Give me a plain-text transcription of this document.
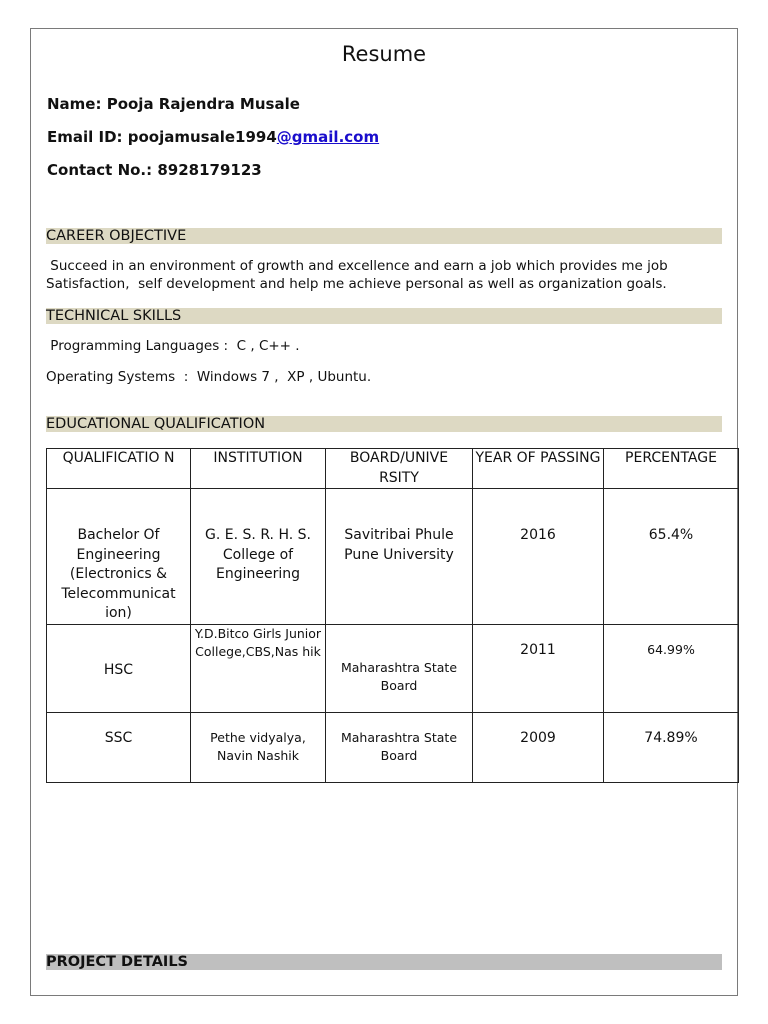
Resume
Name: Pooja Rajendra Musale
Email ID: poojamusale1994@gmail.com
Contact No.: 8928179123
CAREER OBJECTIVE
Succeed in an environment of growth and excellence and earn a job which provides me job
Satisfaction,  self development and help me achieve personal as well as organization goals.
TECHNICAL SKILLS
Programming Languages :  C , C++ .
Operating Systems  :  Windows 7 ,  XP , Ubuntu.
EDUCATIONAL QUALIFICATION
QUALIFICATIO N	INSTITUTION	BOARD/UNIVE RSITY	YEAR OF PASSING	PERCENTAGE
Bachelor Of Engineering (Electronics & Telecommunicat ion)	G. E. S. R. H. S. College of Engineering	Savitribai Phule Pune University	2016	65.4%
HSC	Y.D.Bitco Girls Junior College,CBS,Nas hik	Maharashtra State Board	2011	64.99%
SSC	Pethe vidyalya, Navin Nashik	Maharashtra State     Board	2009	74.89%
PROJECT DETAILS
